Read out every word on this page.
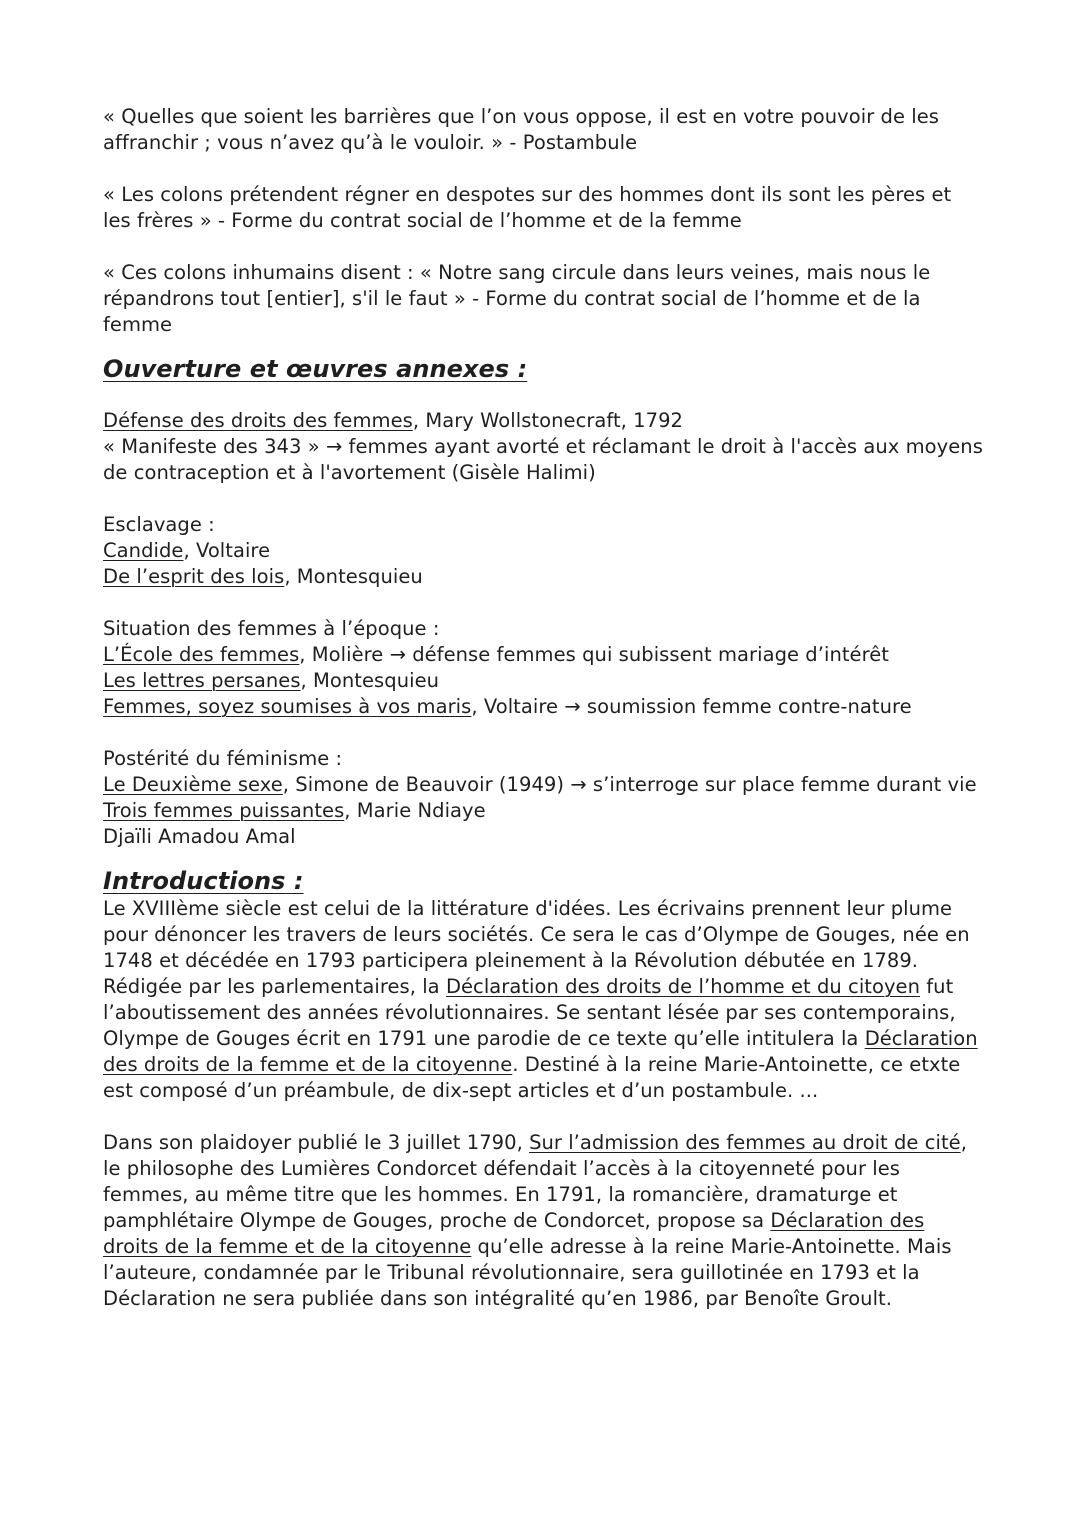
« Quelles que soient les barrières que l’on vous oppose, il est en votre pouvoir de les affranchir ; vous n’avez qu’à le vouloir. » - Postambule

« Les colons prétendent régner en despotes sur des hommes dont ils sont les pères et les frères » - Forme du contrat social de l’homme et de la femme

« Ces colons inhumains disent : « Notre sang circule dans leurs veines, mais nous le répandrons tout [entier], s'il le faut » - Forme du contrat social de l’homme et de la femme

Ouverture et œuvres annexes :
Défense des droits des femmes, Mary Wollstonecraft, 1792
« Manifeste des 343 » → femmes ayant avorté et réclamant le droit à l'accès aux moyens de contraception et à l'avortement (Gisèle Halimi)
Esclavage :
Candide, Voltaire
De l’esprit des lois, Montesquieu
Situation des femmes à l’époque :
L’École des femmes, Molière → défense femmes qui subissent mariage d’intérêt
Les lettres persanes, Montesquieu
Femmes, soyez soumises à vos maris, Voltaire → soumission femme contre-nature
Postérité du féminisme :
Le Deuxième sexe, Simone de Beauvoir (1949) → s’interroge sur place femme durant vie
Trois femmes puissantes, Marie Ndiaye
Djaïli Amadou Amal
Introductions :

Le XVIIIème siècle est celui de la littérature d'idées. Les écrivains prennent leur plume pour dénoncer les travers de leurs sociétés. Ce sera le cas d’Olympe de Gouges, née en 1748 et décédée en 1793 participera pleinement à la Révolution débutée en 1789. Rédigée par les parlementaires, la Déclaration des droits de l’homme et du citoyen fut l’aboutissement des années révolutionnaires. Se sentant lésée par ses contemporains, Olympe de Gouges écrit en 1791 une parodie de ce texte qu’elle intitulera la Déclaration des droits de la femme et de la citoyenne. Destiné à la reine Marie-Antoinette, ce etxte est composé d’un préambule, de dix-sept articles et d’un postambule. ...

Dans son plaidoyer publié le 3 juillet 1790, Sur l’admission des femmes au droit de cité, le philosophe des Lumières Condorcet défendait l’accès à la citoyenneté pour les femmes, au même titre que les hommes. En 1791, la romancière, dramaturge et pamphlétaire Olympe de Gouges, proche de Condorcet, propose sa Déclaration des droits de la femme et de la citoyenne qu’elle adresse à la reine Marie-Antoinette. Mais l’auteure, condamnée par le Tribunal révolutionnaire, sera guillotinée en 1793 et la Déclaration ne sera publiée dans son intégralité qu’en 1986, par Benoîte Groult.
